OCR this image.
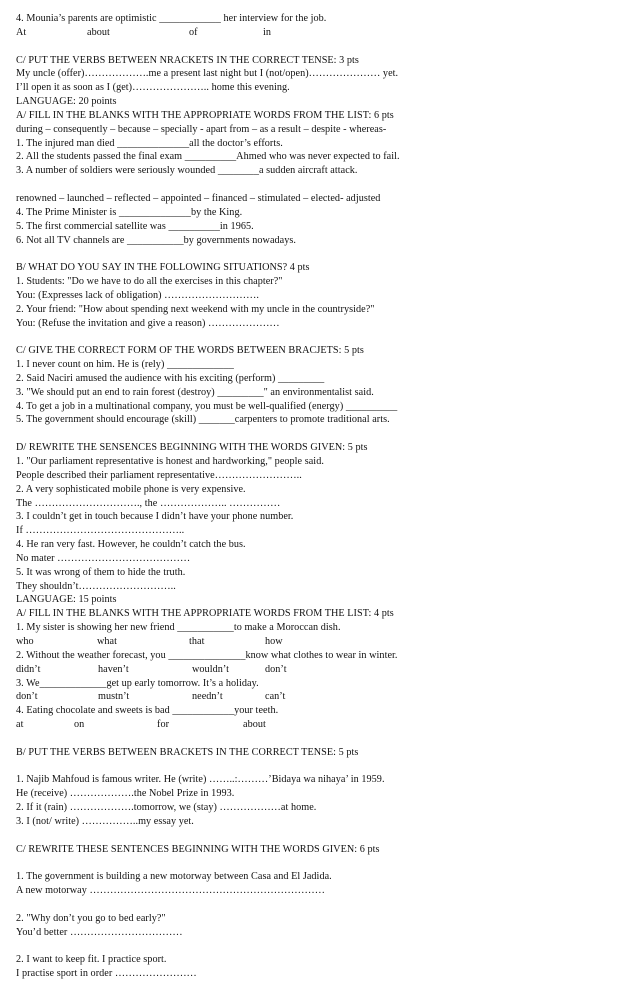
4. Mounia’s parents are optimistic ____________ her interview for the job.
At	about	of	in
C/ PUT THE VERBS BETWEEN NRACKETS IN THE CORRECT TENSE: 3 pts
My uncle (offer)……………….me a present last night but I (not/open)………………… yet.
I’ll open it as soon as I (get)………………….. home this evening.
LANGUAGE: 20 points
A/ FILL IN THE BLANKS WITH THE APPROPRIATE WORDS FROM THE LIST: 6 pts
during – consequently – because – specially - apart from – as a result – despite - whereas-
1. The injured man died ______________all the doctor’s efforts.
2. All the students passed the final exam __________Ahmed who was never expected to fail.
3. A number of soldiers were seriously wounded ________a sudden aircraft attack.
renowned – launched – reflected – appointed – financed – stimulated – elected- adjusted
4. The Prime Minister is ______________by the King.
5. The first commercial satellite was __________in 1965.
6. Not all TV channels are ___________by governments nowadays.
B/ WHAT DO YOU SAY IN THE FOLLOWING SITUATIONS? 4 pts
1. Students: "Do we have to do all the exercises in this chapter?"
You: (Expresses lack of obligation) ……………………….
2. Your friend: "How about spending next weekend with my uncle in the countryside?"
You: (Refuse the invitation and give a reason) …………………
C/ GIVE THE CORRECT FORM OF THE WORDS BETWEEN BRACJETS: 5 pts
1. I never count on him. He is (rely) _____________
2. Said Naciri amused the audience with his exciting (perform) _________
3. "We should put an end to rain forest (destroy) _________" an environmentalist said.
4. To get a job in a multinational company, you must be well-qualified (energy) __________
5. The government should encourage (skill) _______carpenters to promote traditional arts.
D/ REWRITE THE SENSENCES BEGINNING WITH THE WORDS GIVEN: 5 pts
1. "Our parliament representative is honest and hardworking," people said.
People described their parliament representative……………………..
2. A very sophisticated mobile phone is very expensive.
The …………………………., the ……………….. ……………
3. I couldn’t get in touch because I didn’t have your phone number.
If ………………………………………..
4. He ran very fast. However, he couldn’t catch the bus.
No mater …………………………………
5. It was wrong of them to hide the truth.
They shouldn’t………………………..
LANGUAGE: 15 points
A/ FILL IN THE BLANKS WITH THE APPROPRIATE WORDS FROM THE LIST: 4 pts
1. My sister is showing her new friend ___________to make a Moroccan dish.
who	what	that	how
2. Without the weather forecast, you _______________know what clothes to wear in winter.
didn’t	haven’t	wouldn’t	don’t
3. We_____________get up early tomorrow. It’s a holiday.
don’t	mustn’t	needn’t	can’t
4. Eating chocolate and sweets is bad ____________your teeth.
at	on	for	about
B/ PUT THE VERBS BETWEEN BRACKETS IN THE CORRECT TENSE: 5 pts
1. Najib Mahfoud is famous writer. He (write) ……..:………’Bidaya wa nihaya’ in 1959.
He (receive) ……………….the Nobel Prize in 1993.
2. If it (rain) ……………….tomorrow, we (stay) ………………at home.
3. I (not/ write) ……………..my essay yet.
C/ REWRITE THESE SENTENCES BEGINNING WITH THE WORDS GIVEN: 6 pts
1. The government is building a new motorway between Casa and El Jadida.
A new motorway ……………………………………………………………
2. "Why don’t you go to bed early?"
You’d better ……………………………
2. I want to keep fit. I practice sport.
I practise sport in order ……………………
